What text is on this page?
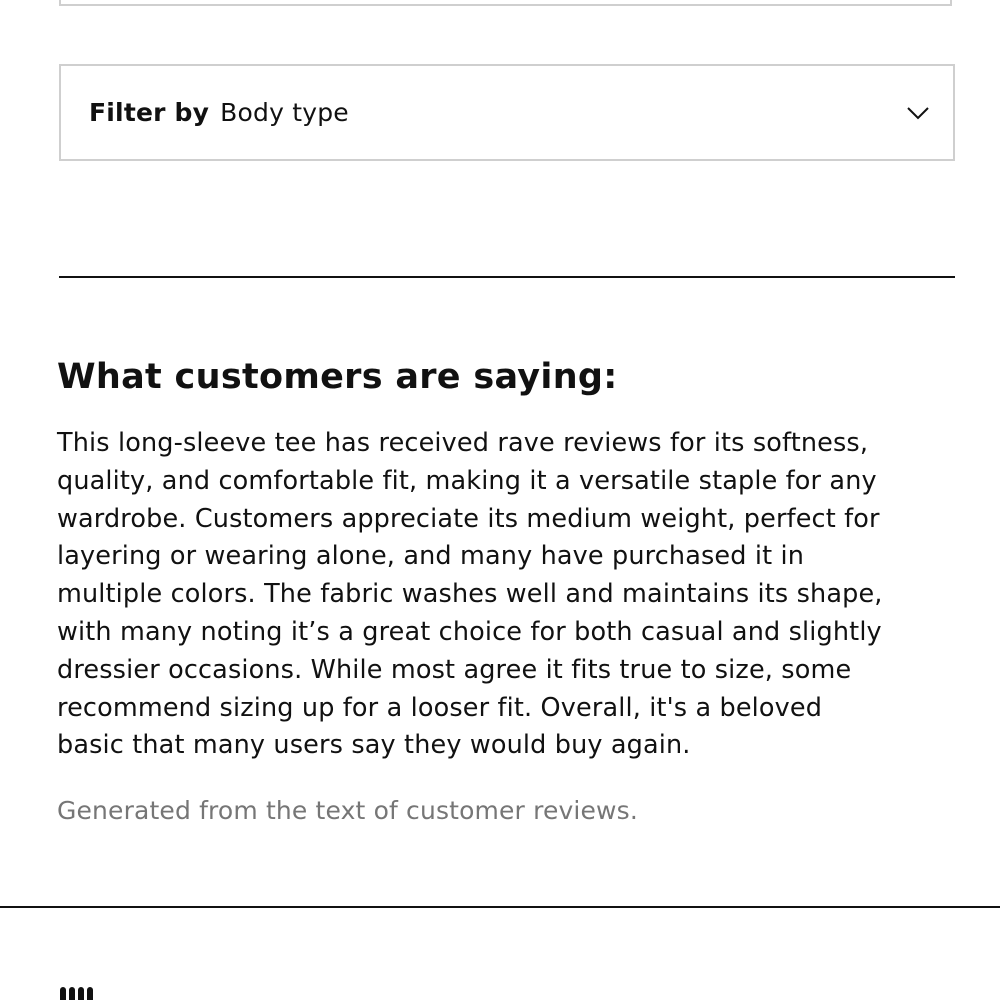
Filter by Body type
What customers are saying:

This long-sleeve tee has received rave reviews for its softness,
quality, and comfortable fit, making it a versatile staple for any
wardrobe. Customers appreciate its medium weight, perfect for
layering or wearing alone, and many have purchased it in
multiple colors. The fabric washes well and maintains its shape,
with many noting it’s a great choice for both casual and slightly
dressier occasions. While most agree it fits true to size, some
recommend sizing up for a looser fit. Overall, it's a beloved
basic that many users say they would buy again.

Generated from the text of customer reviews.
